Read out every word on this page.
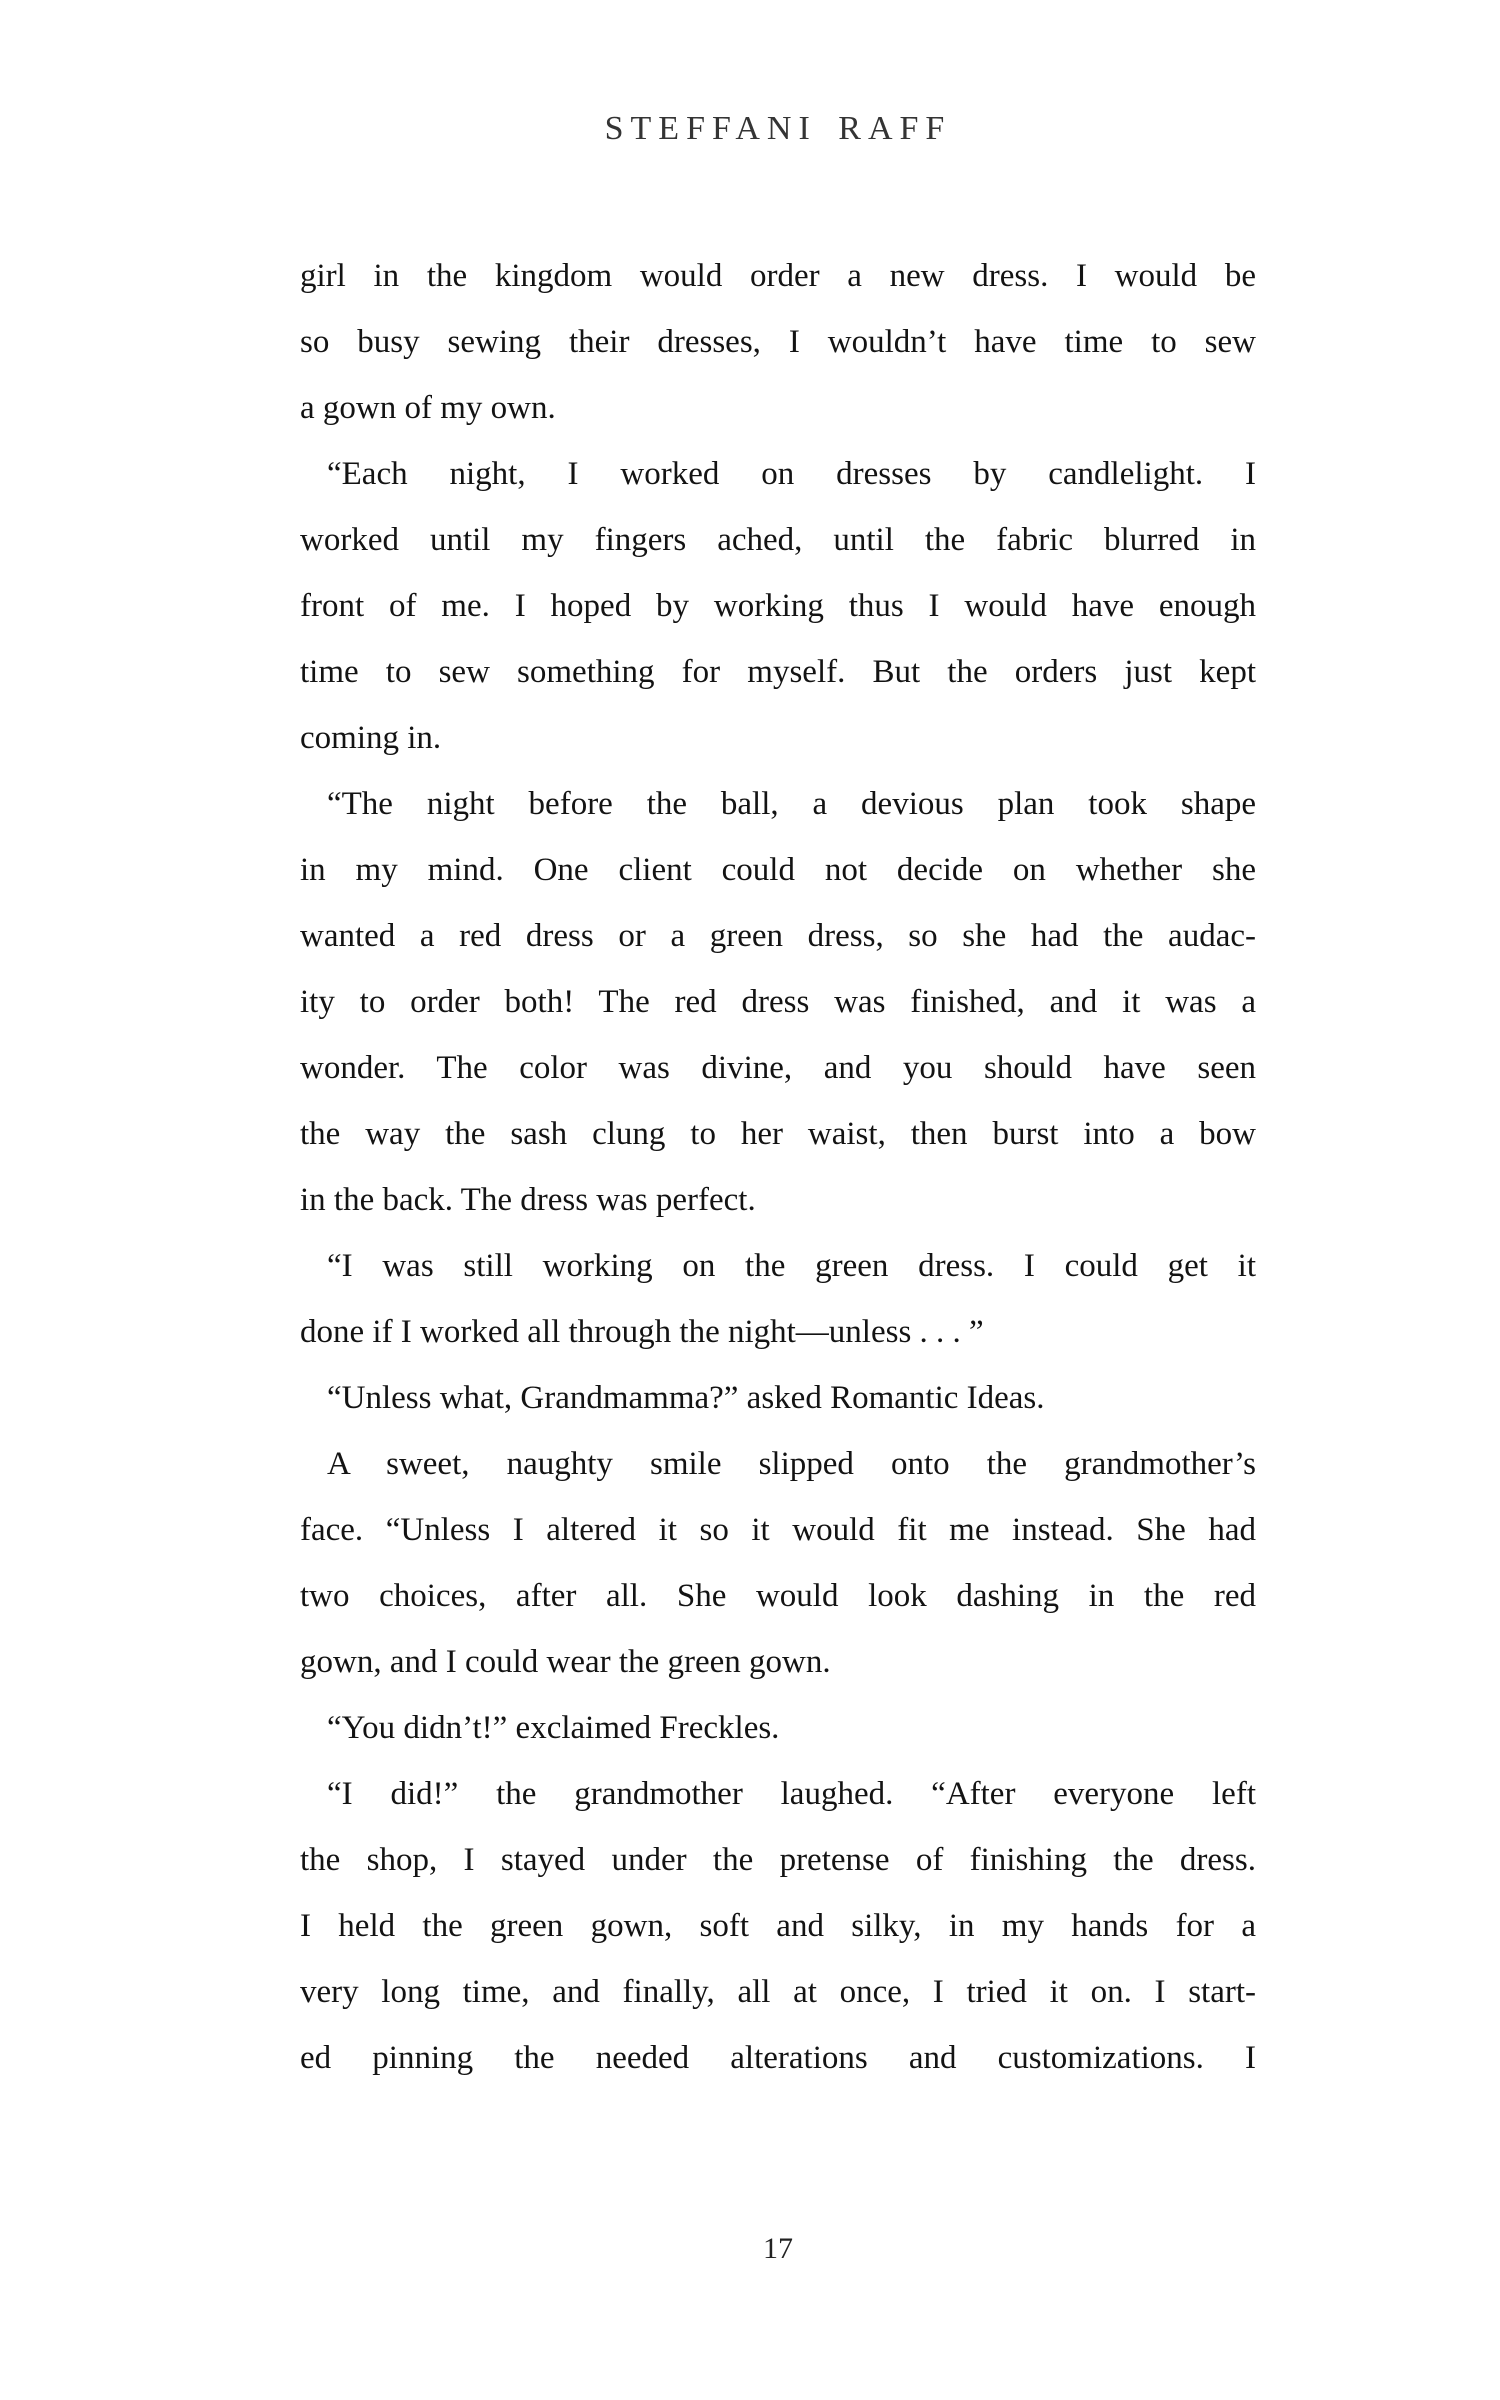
STEFFANI RAFF
girl in the kingdom would order a new dress. I would be
so busy sewing their dresses, I wouldn’t have time to sew
a gown of my own.
“Each night, I worked on dresses by candlelight. I
worked until my fingers ached, until the fabric blurred in
front of me. I hoped by working thus I would have enough
time to sew something for myself. But the orders just kept
coming in.
“The night before the ball, a devious plan took shape
in my mind. One client could not decide on whether she
wanted a red dress or a green dress, so she had the audac-
ity to order both! The red dress was finished, and it was a
wonder. The color was divine, and you should have seen
the way the sash clung to her waist, then burst into a bow
in the back. The dress was perfect.
“I was still working on the green dress. I could get it
done if I worked all through the night—unless . . . ”
“Unless what, Grandmamma?” asked Romantic Ideas.
A sweet, naughty smile slipped onto the grandmother’s
face. “Unless I altered it so it would fit me instead. She had
two choices, after all. She would look dashing in the red
gown, and I could wear the green gown.
“You didn’t!” exclaimed Freckles.
“I did!” the grandmother laughed. “After everyone left
the shop, I stayed under the pretense of finishing the dress.
I held the green gown, soft and silky, in my hands for a
very long time, and finally, all at once, I tried it on. I start-
ed pinning the needed alterations and customizations. I
17
